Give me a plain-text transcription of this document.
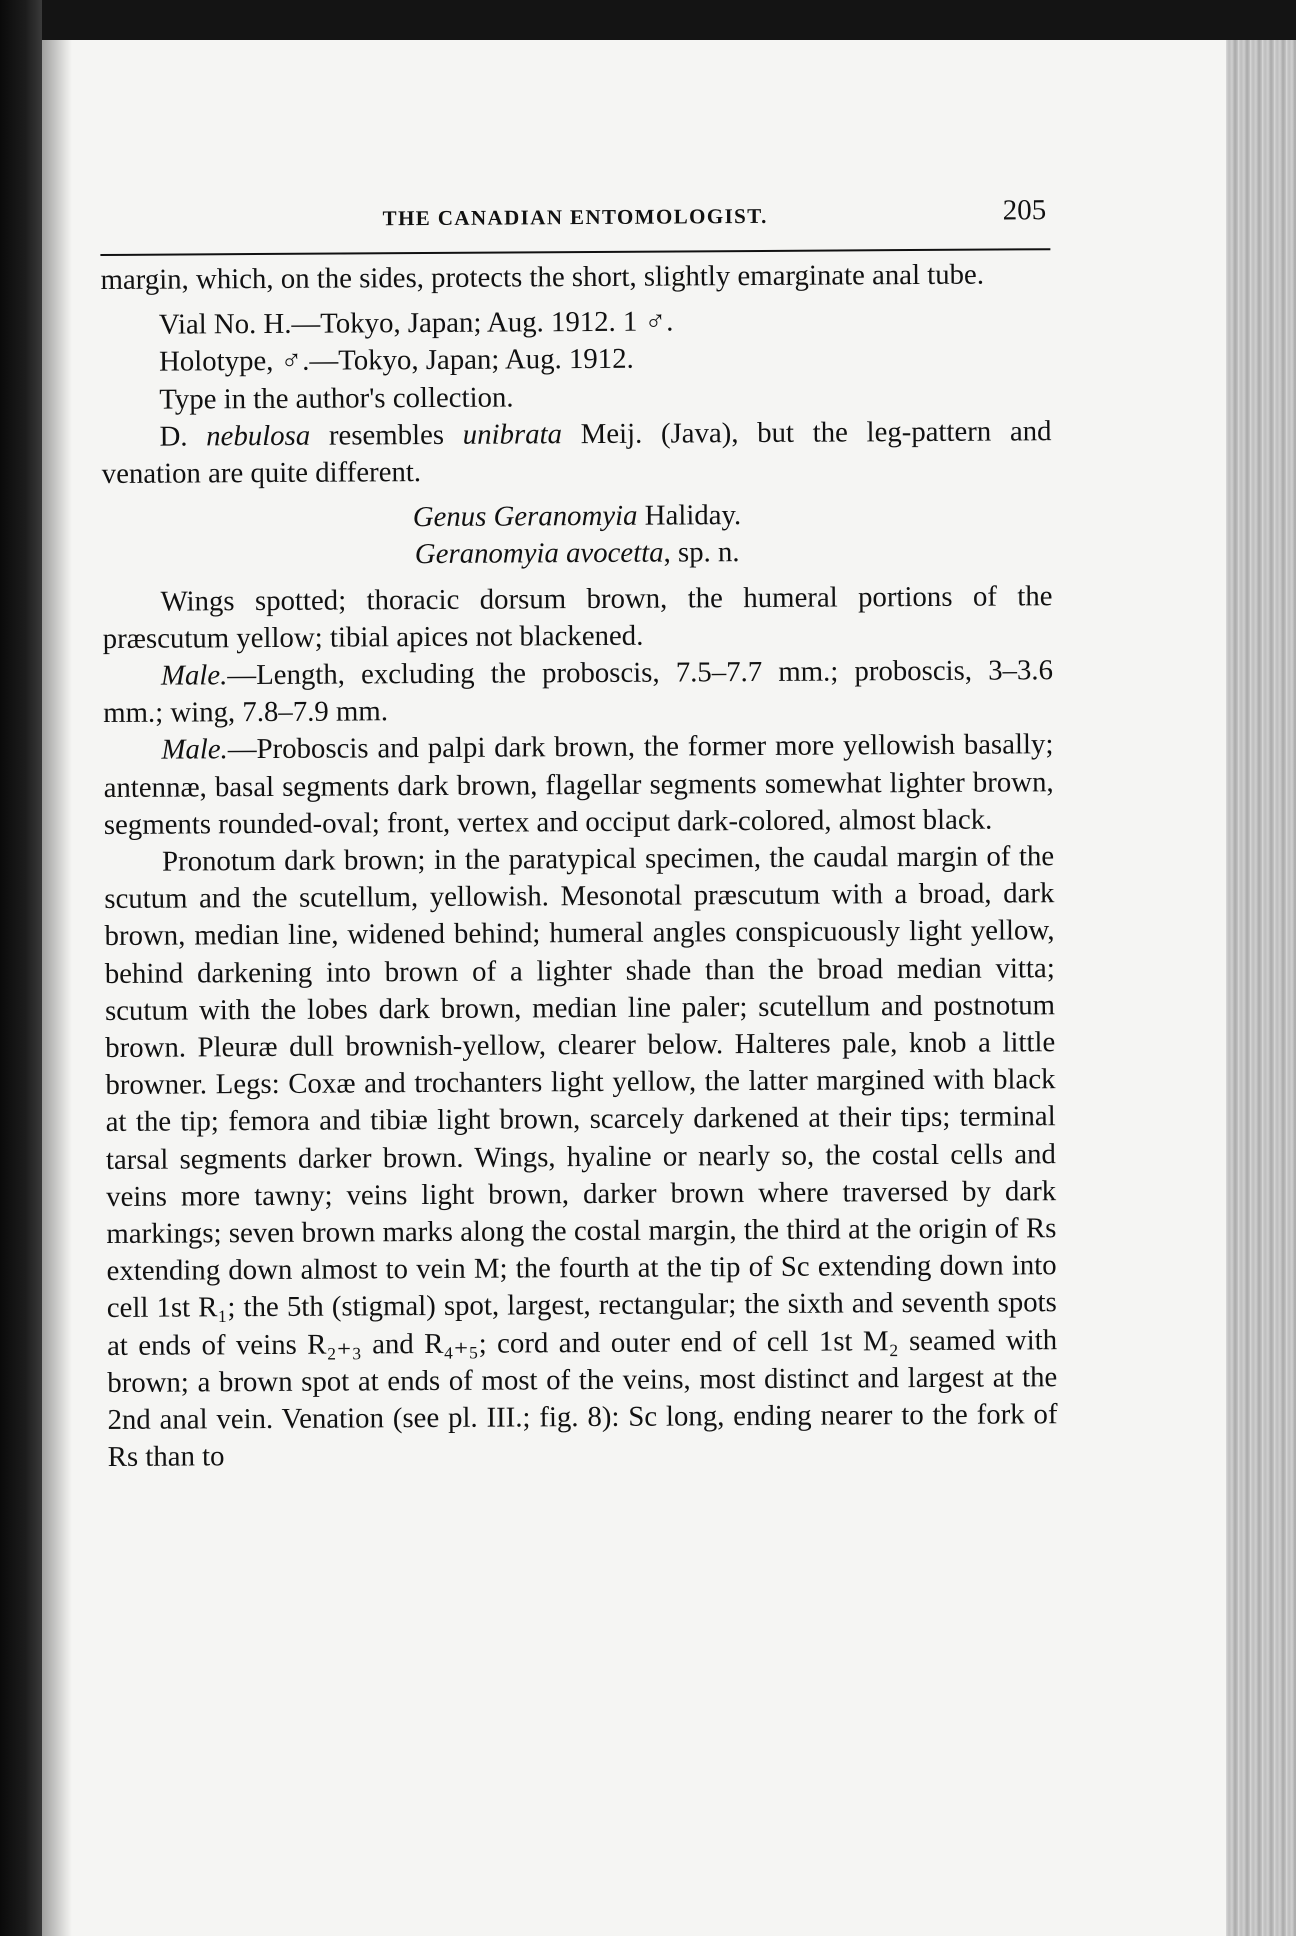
THE CANADIAN ENTOMOLOGIST.	205

margin, which, on the sides, protects the short, slightly emarginate anal tube.

Vial No. H.—Tokyo, Japan; Aug. 1912. 1 ♂.

Holotype, ♂.—Tokyo, Japan; Aug. 1912.

Type in the author's collection.

D. nebulosa resembles unibrata Meij. (Java), but the leg-pattern and venation are quite different.

Genus Geranomyia Haliday.

Geranomyia avocetta, sp. n.

Wings spotted; thoracic dorsum brown, the humeral portions of the præscutum yellow; tibial apices not blackened.

Male.—Length, excluding the proboscis, 7.5–7.7 mm.; proboscis, 3–3.6 mm.; wing, 7.8–7.9 mm.

Male.—Proboscis and palpi dark brown, the former more yellowish basally; antennæ, basal segments dark brown, flagellar segments somewhat lighter brown, segments rounded-oval; front, vertex and occiput dark-colored, almost black.

Pronotum dark brown; in the paratypical specimen, the caudal margin of the scutum and the scutellum, yellowish. Mesonotal præscutum with a broad, dark brown, median line, widened behind; humeral angles conspicuously light yellow, behind darkening into brown of a lighter shade than the broad median vitta; scutum with the lobes dark brown, median line paler; scutellum and postnotum brown. Pleuræ dull brownish-yellow, clearer below. Halteres pale, knob a little browner. Legs: Coxæ and trochanters light yellow, the latter margined with black at the tip; femora and tibiæ light brown, scarcely darkened at their tips; terminal tarsal segments darker brown. Wings, hyaline or nearly so, the costal cells and veins more tawny; veins light brown, darker brown where traversed by dark markings; seven brown marks along the costal margin, the third at the origin of Rs extending down almost to vein M; the fourth at the tip of Sc extending down into cell 1st R₁; the 5th (stigmal) spot, largest, rectangular; the sixth and seventh spots at ends of veins R₂₊₃ and R₄₊₅; cord and outer end of cell 1st M₂ seamed with brown; a brown spot at ends of most of the veins, most distinct and largest at the 2nd anal vein. Venation (see pl. III.; fig. 8): Sc long, ending nearer to the fork of Rs than to
